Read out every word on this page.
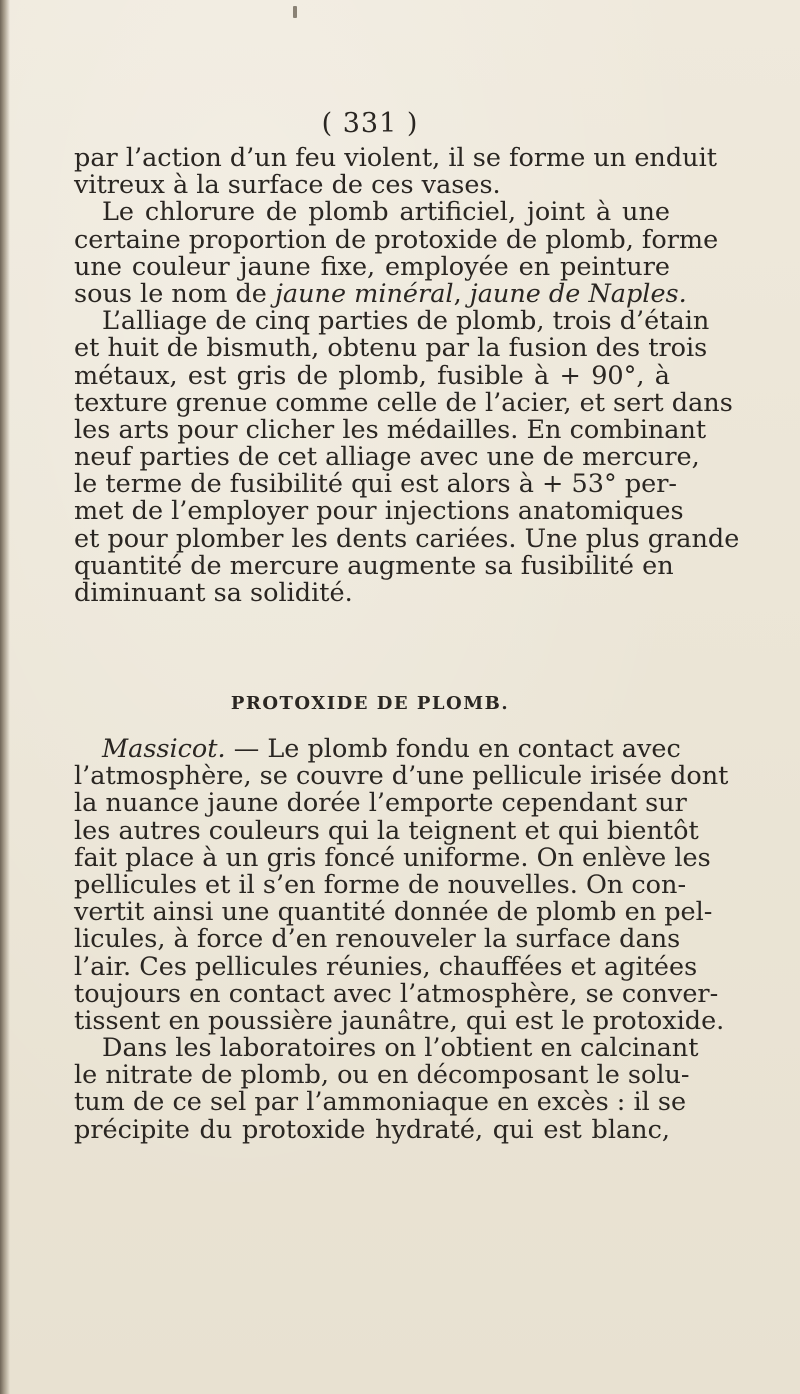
( 331 )
par l’action d’un feu violent, il se forme un enduit
vitreux à la surface de ces vases.
Le chlorure de plomb artificiel, joint à une
certaine proportion de protoxide de plomb, forme
une couleur jaune fixe, employée en peinture
sous le nom de jaune minéral, jaune de Naples.
L’alliage de cinq parties de plomb, trois d’étain
et huit de bismuth, obtenu par la fusion des trois
métaux, est gris de plomb, fusible à + 90°, à
texture grenue comme celle de l’acier, et sert dans
les arts pour clicher les médailles. En combinant
neuf parties de cet alliage avec une de mercure,
le terme de fusibilité qui est alors à + 53° per-
met de l’employer pour injections anatomiques
et pour plomber les dents cariées. Une plus grande
quantité de mercure augmente sa fusibilité en
diminuant sa solidité.
PROTOXIDE DE PLOMB.
Massicot. — Le plomb fondu en contact avec
l’atmosphère, se couvre d’une pellicule irisée dont
la nuance jaune dorée l’emporte cependant sur
les autres couleurs qui la teignent et qui bientôt
fait place à un gris foncé uniforme. On enlève les
pellicules et il s’en forme de nouvelles. On con-
vertit ainsi une quantité donnée de plomb en pel-
licules, à force d’en renouveler la surface dans
l’air. Ces pellicules réunies, chauffées et agitées
toujours en contact avec l’atmosphère, se conver-
tissent en poussière jaunâtre, qui est le protoxide.
Dans les laboratoires on l’obtient en calcinant
le nitrate de plomb, ou en décomposant le solu-
tum de ce sel par l’ammoniaque en excès : il se
précipite du protoxide hydraté, qui est blanc,
